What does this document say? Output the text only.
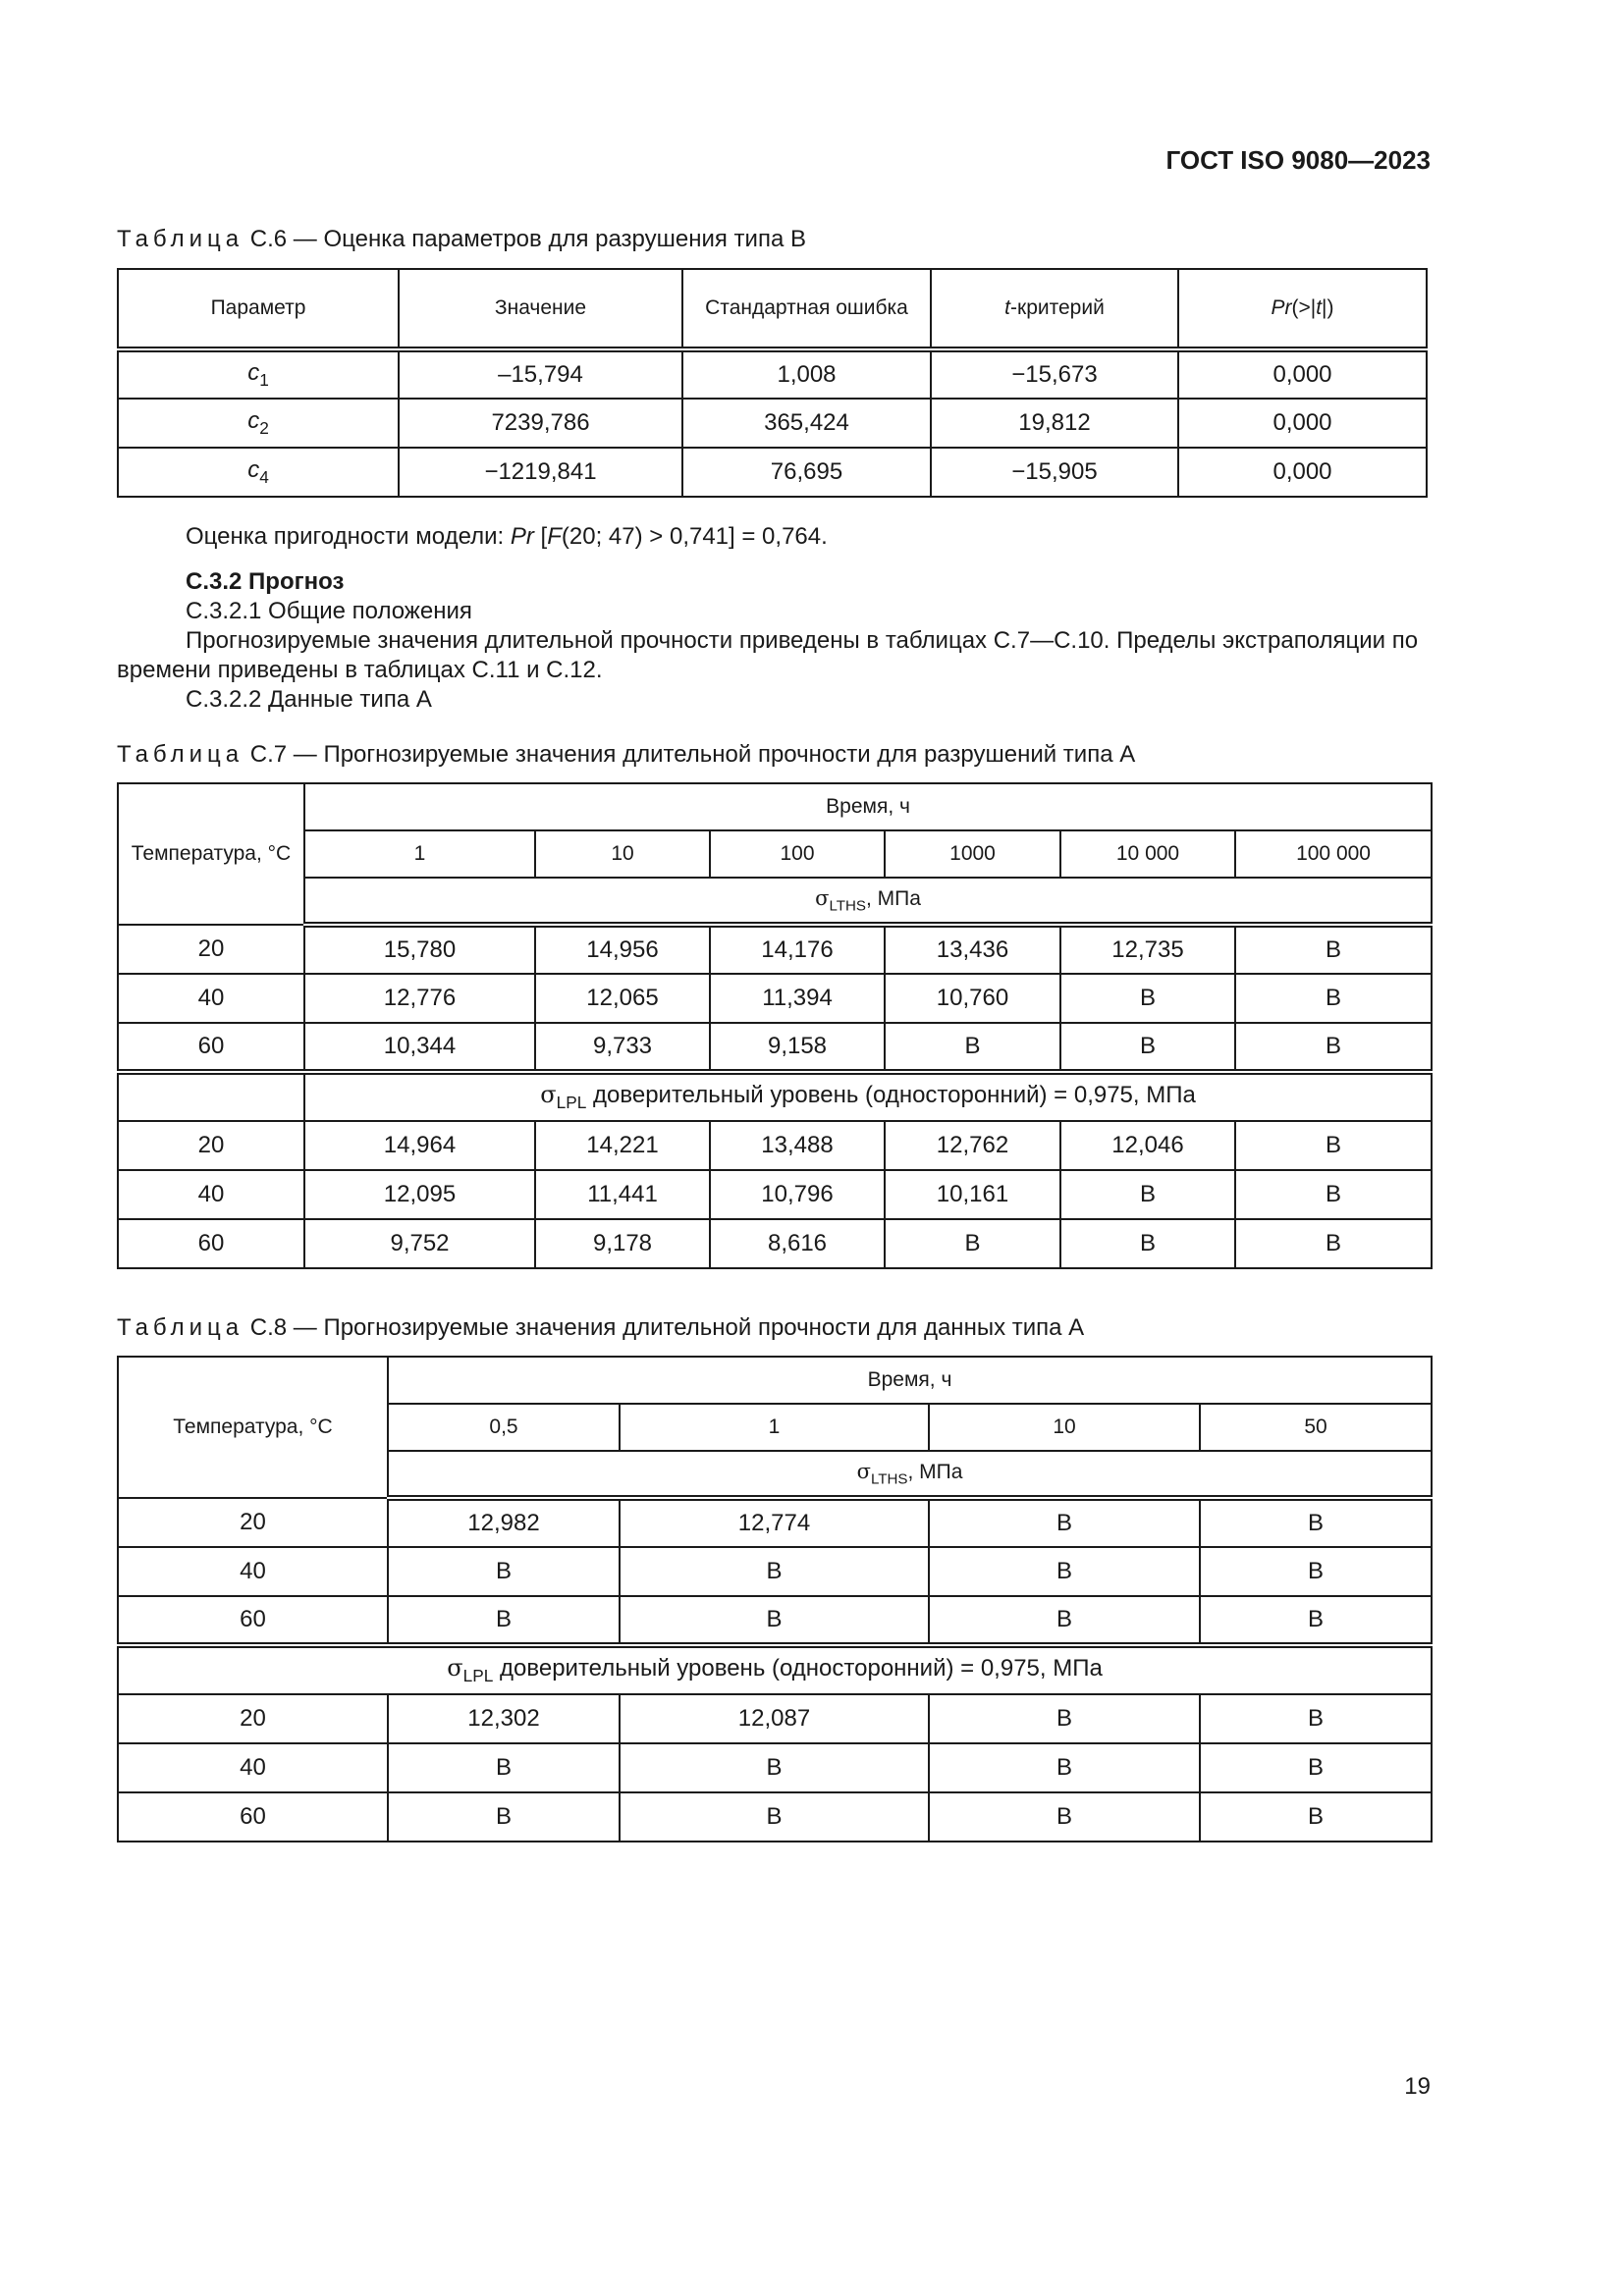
ГОСТ ISO 9080—2023
Таблица С.6 — Оценка параметров для разрушения типа В
Параметр	Значение	Стандартная ошибка	t-критерий	Pr(>|t|)
$c_1$	–15,794	1,008	−15,673	0,000
$c_2$	7239,786	365,424	19,812	0,000
$c_4$	−1219,841	76,695	−15,905	0,000
Оценка пригодности модели: Pr [F(20; 47) > 0,741] = 0,764.
С.3.2 Прогноз
С.3.2.1 Общие положения
Прогнозируемые значения длительной прочности приведены в таблицах С.7—С.10. Пределы экстраполяции по времени приведены в таблицах С.11 и С.12.
С.3.2.2 Данные типа А
Таблица С.7 — Прогнозируемые значения длительной прочности для разрушений типа А
Температура, °С	Время, ч					
	1	10	100	1000	10 000	100 000
	$\sigma_{LTHS}$, МПа					
20	15,780	14,956	14,176	13,436	12,735	В
40	12,776	12,065	11,394	10,760	В	В
60	10,344	9,733	9,158	В	В	В
	$\sigma_{LPL}$ доверительный уровень (односторонний) = 0,975, МПа					
20	14,964	14,221	13,488	12,762	12,046	В
40	12,095	11,441	10,796	10,161	В	В
60	9,752	9,178	8,616	В	В	В
Таблица С.8 — Прогнозируемые значения длительной прочности для данных типа А
Температура, °С	Время, ч			
	0,5	1	10	50
	$\sigma_{LTHS}$, МПа			
20	12,982	12,774	В	В
40	В	В	В	В
60	В	В	В	В
$\sigma_{LPL}$ доверительный уровень (односторонний) = 0,975, МПа				
20	12,302	12,087	В	В
40	В	В	В	В
60	В	В	В	В
19
